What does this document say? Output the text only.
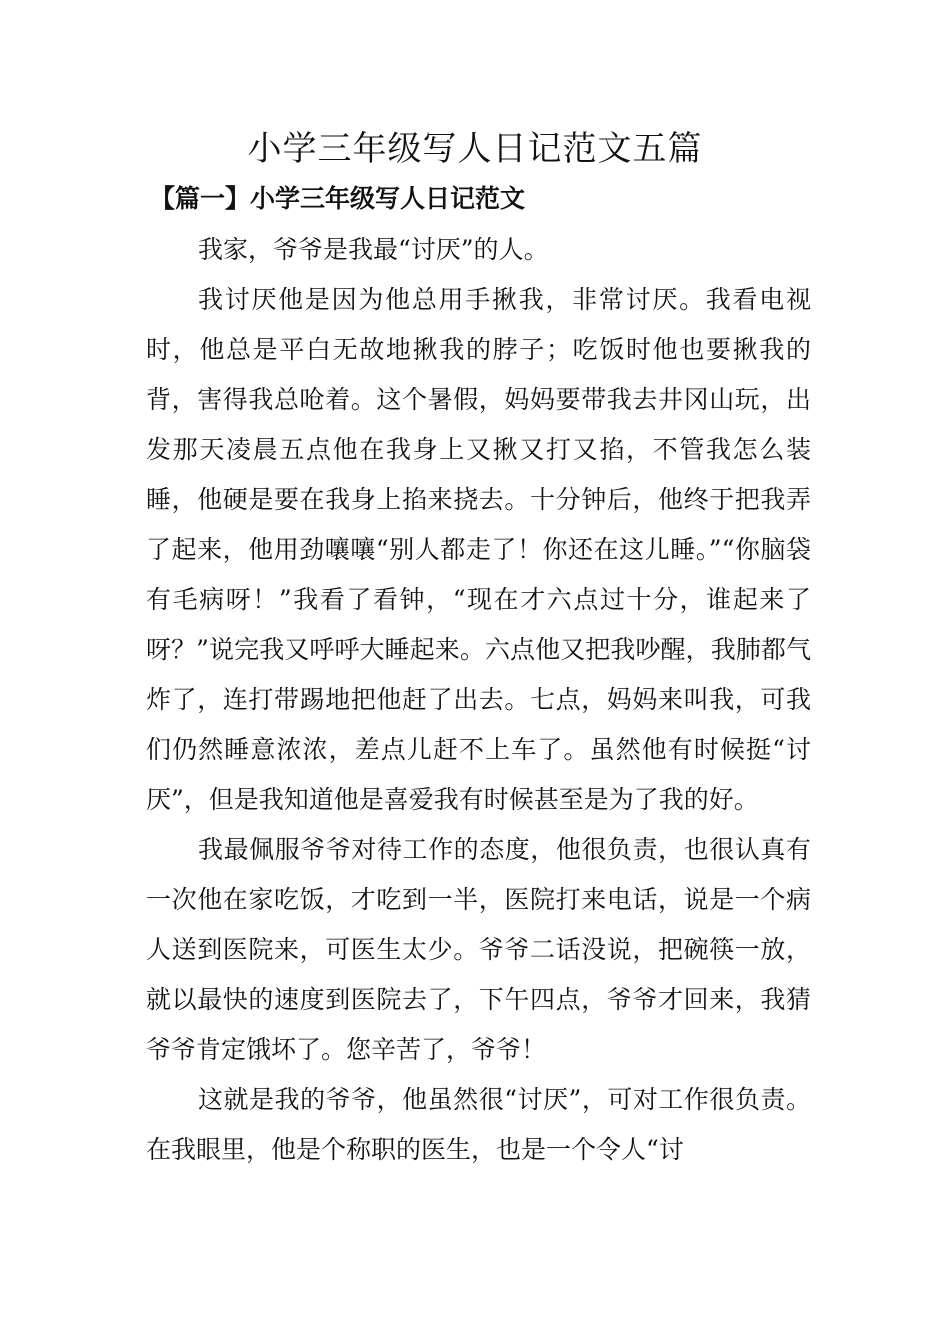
小学三年级写人日记范文五篇
【篇一】小学三年级写人日记范文

我家，爷爷是我最“讨厌”的人。

我讨厌他是因为他总用手揪我，非常讨厌。我看电视时，他总是平白无故地揪我的脖子；吃饭时他也要揪我的背，害得我总呛着。这个暑假，妈妈要带我去井冈山玩，出发那天凌晨五点他在我身上又揪又打又掐，不管我怎么装睡，他硬是要在我身上掐来挠去。十分钟后，他终于把我弄了起来，他用劲嚷嚷“别人都走了！你还在这儿睡。”“你脑袋有毛病呀！”我看了看钟，“现在才六点过十分，谁起来了呀？”说完我又呼呼大睡起来。六点他又把我吵醒，我肺都气炸了，连打带踢地把他赶了出去。七点，妈妈来叫我，可我们仍然睡意浓浓，差点儿赶不上车了。虽然他有时候挺“讨厌”，但是我知道他是喜爱我有时候甚至是为了我的好。

我最佩服爷爷对待工作的态度，他很负责，也很认真有一次他在家吃饭，才吃到一半，医院打来电话，说是一个病人送到医院来，可医生太少。爷爷二话没说，把碗筷一放，就以最快的速度到医院去了，下午四点，爷爷才回来，我猜爷爷肯定饿坏了。您辛苦了，爷爷！

这就是我的爷爷，他虽然很“讨厌”，可对工作很负责。在我眼里，他是个称职的医生，也是一个令人“讨
